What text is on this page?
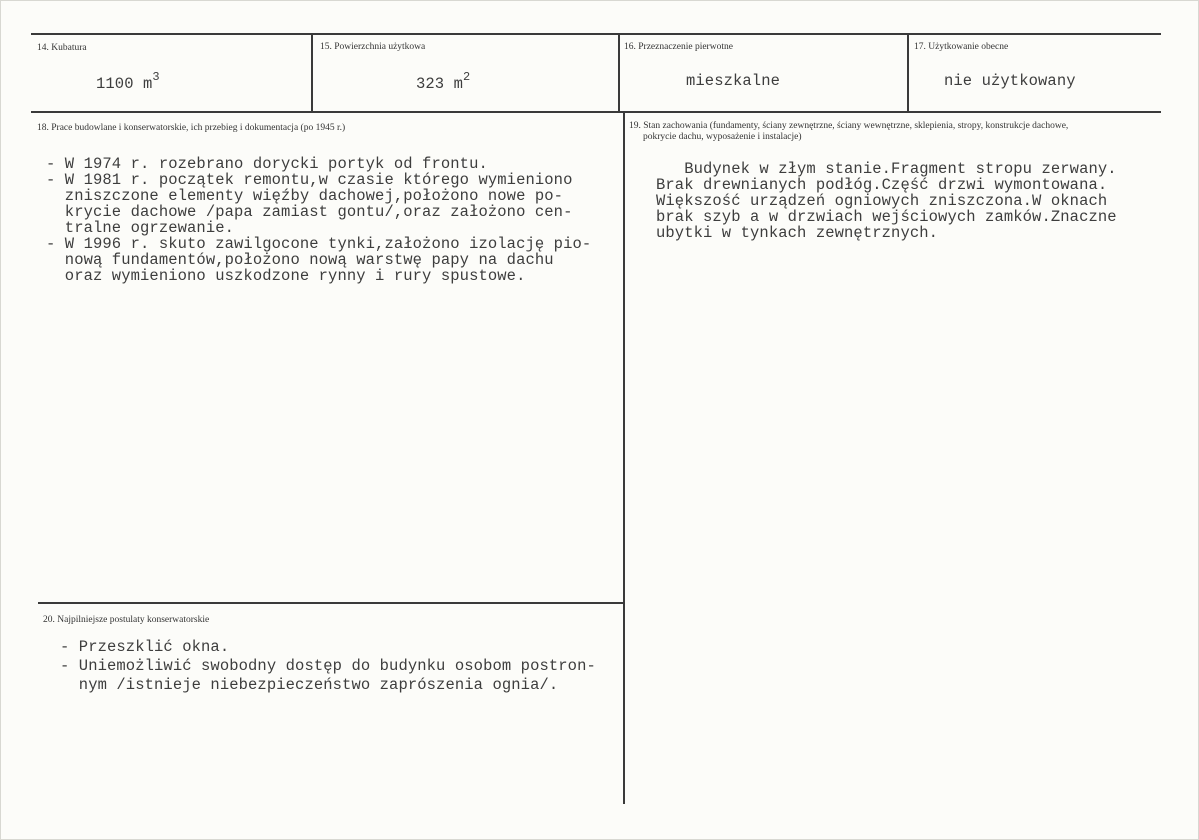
14. Kubatura
1100 $m^3$
15. Powierzchnia użytkowa
323 $m^2$
16. Przeznaczenie pierwotne
mieszkalne
17. Użytkowanie obecne
nie użytkowany
18. Prace budowlane i konserwatorskie, ich przebieg i dokumentacja (po 1945 r.)
- W 1974 r. rozebrano dorycki portyk od frontu.
- W 1981 r. początek remontu,w czasie którego wymieniono
zniszczone elementy więźby dachowej,położono nowe po-
krycie dachowe /papa zamiast gontu/,oraz założono cen-
tralne ogrzewanie.
- W 1996 r. skuto zawilgocone tynki,założono izolację pio-
nową fundamentów,położono nową warstwę papy na dachu
oraz wymieniono uszkodzone rynny i rury spustowe.
19. Stan zachowania (fundamenty, ściany zewnętrzne, ściany wewnętrzne, sklepienia, stropy, konstrukcje dachowe,
pokrycie dachu, wyposażenie i instalacje)
Budynek w złym stanie.Fragment stropu zerwany.
Brak drewnianych podłóg.Część drzwi wymontowana.
Większość urządzeń ogniowych zniszczona.W oknach
brak szyb a w drzwiach wejściowych zamków.Znaczne
ubytki w tynkach zewnętrznych.
20. Najpilniejsze postulaty konserwatorskie
- Przeszklić okna.
- Uniemożliwić swobodny dostęp do budynku osobom postron-
nym /istnieje niebezpieczeństwo zaprószenia ognia/.
